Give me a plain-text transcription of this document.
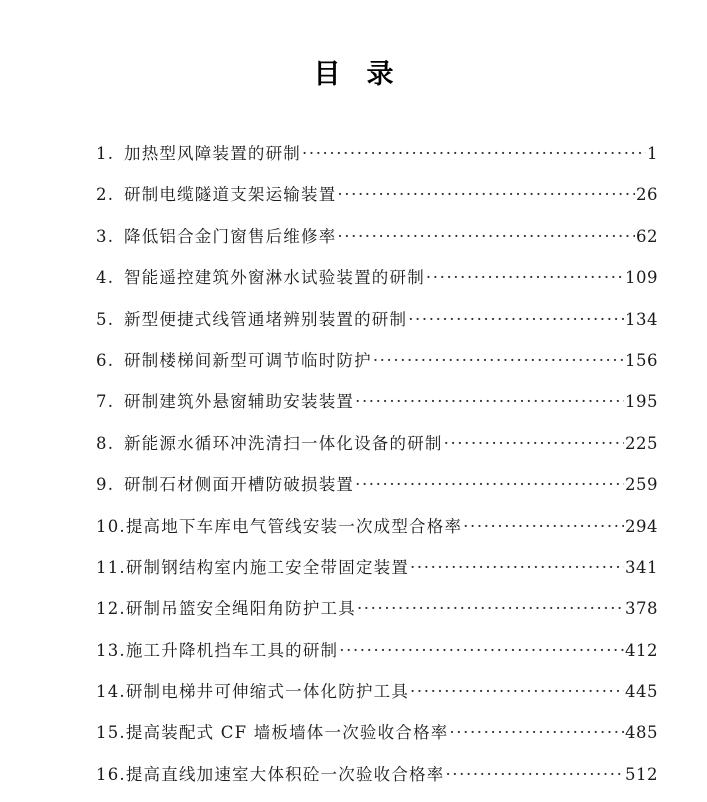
目录
1. 加热型风障装置的研制 ·····	1
2. 研制电缆隧道支架运输装置 ·····	26
3. 降低铝合金门窗售后维修率 ·····	62
4. 智能遥控建筑外窗淋水试验装置的研制 ·····	109
5. 新型便捷式线管通堵辨别装置的研制 ·····	134
6. 研制楼梯间新型可调节临时防护 ·····	156
7. 研制建筑外悬窗辅助安装装置 ·····	195
8. 新能源水循环冲洗清扫一体化设备的研制 ·····	225
9. 研制石材侧面开槽防破损装置 ·····	259
10. 提高地下车库电气管线安装一次成型合格率 ·····	294
11. 研制钢结构室内施工安全带固定装置 ·····	341
12. 研制吊篮安全绳阳角防护工具 ·····	378
13. 施工升降机挡车工具的研制 ·····	412
14. 研制电梯井可伸缩式一体化防护工具 ·····	445
15. 提高装配式 CF 墙板墙体一次验收合格率 ·····	485
16. 提高直线加速室大体积砼一次验收合格率 ·····	512
